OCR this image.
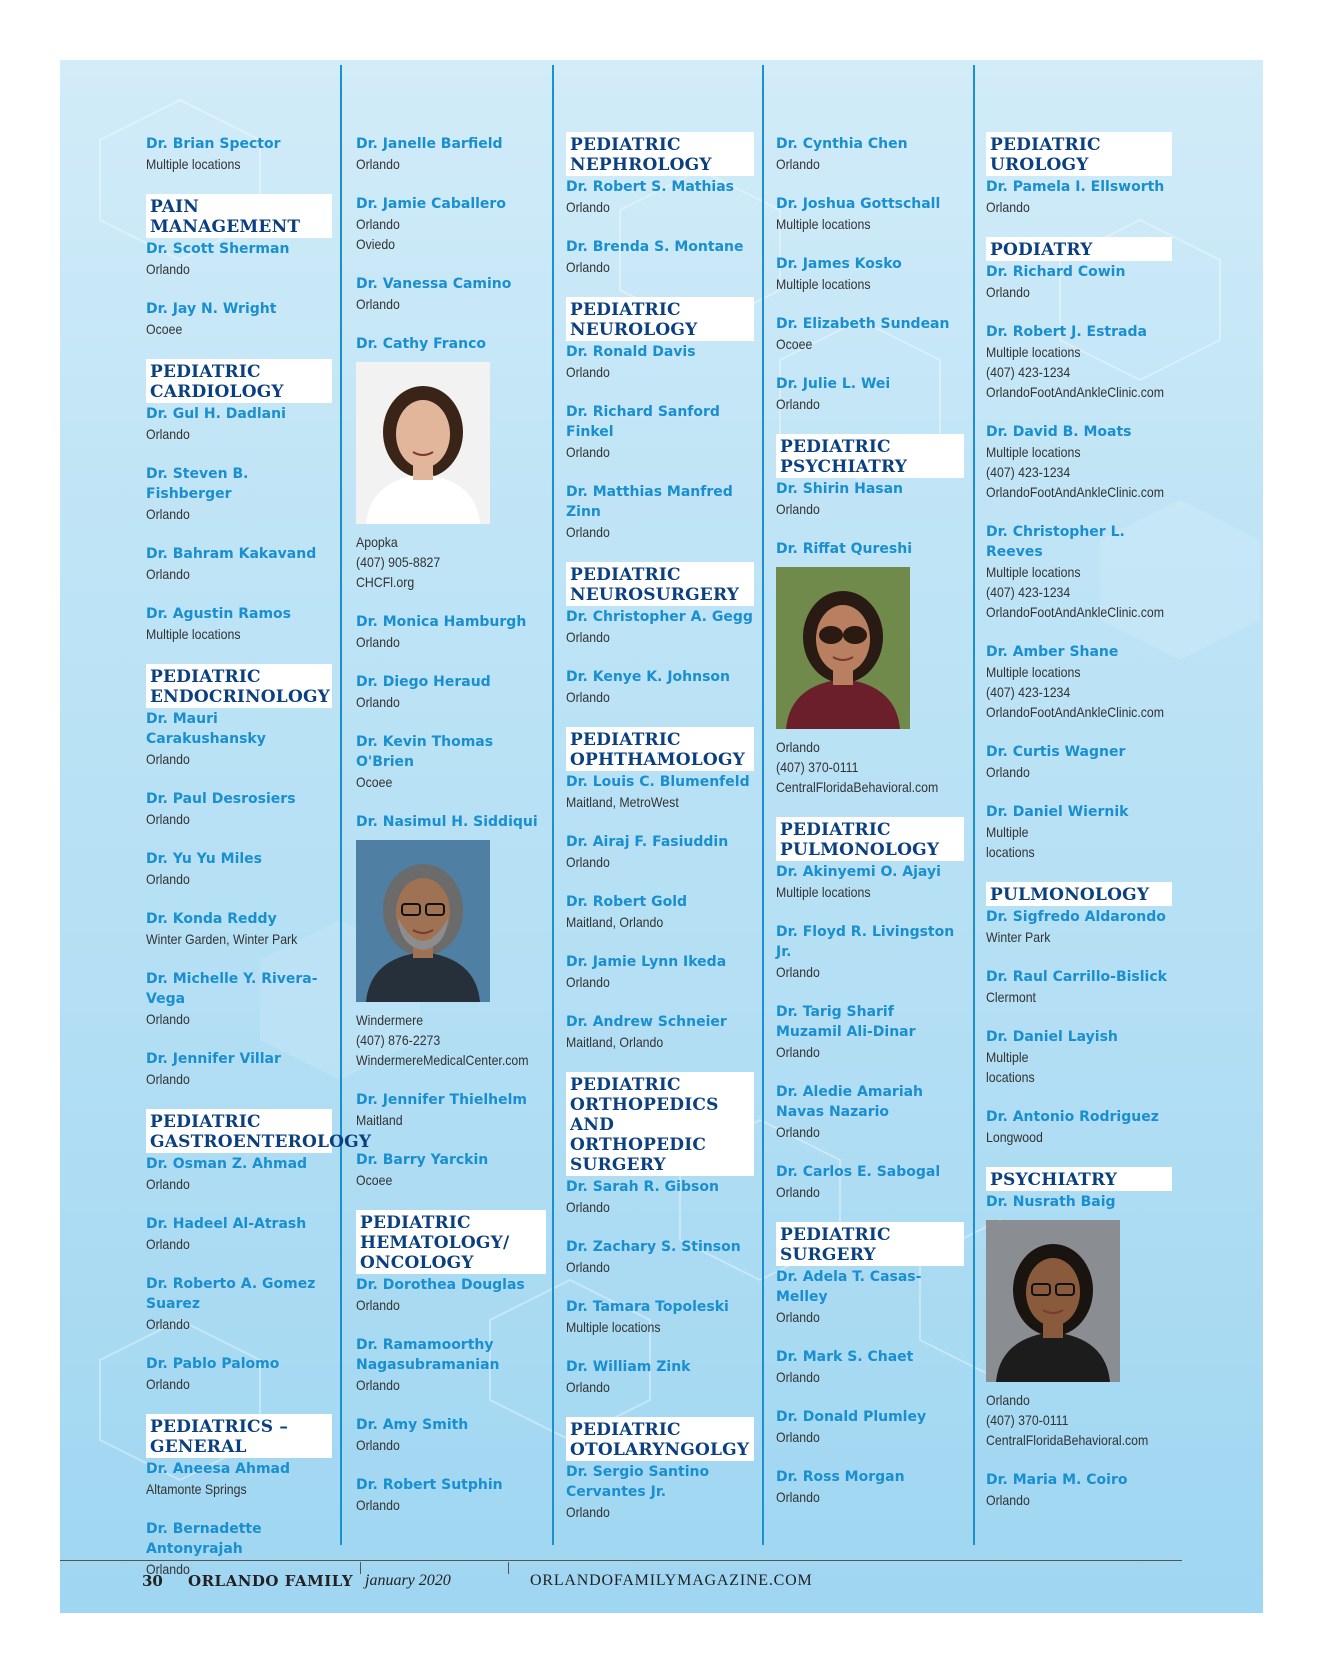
Dr. Brian Spector
Multiple locations
PAIN MANAGEMENT
Dr. Scott Sherman
Orlando
Dr. Jay N. Wright
Ocoee
PEDIATRIC CARDIOLOGY
Dr. Gul H. Dadlani
Orlando
Dr. Steven B. Fishberger
Orlando
Dr. Bahram Kakavand
Orlando
Dr. Agustin Ramos
Multiple locations
PEDIATRIC ENDOCRINOLOGY
Dr. Mauri Carakushansky
Orlando
Dr. Paul Desrosiers
Orlando
Dr. Yu Yu Miles
Orlando
Dr. Konda Reddy
Winter Garden, Winter Park
Dr. Michelle Y. Rivera-Vega
Orlando
Dr. Jennifer Villar
Orlando
PEDIATRIC GASTROENTEROLOGY
Dr. Osman Z. Ahmad
Orlando
Dr. Hadeel Al-Atrash
Orlando
Dr. Roberto A. Gomez Suarez
Orlando
Dr. Pablo Palomo
Orlando
PEDIATRICS – GENERAL
Dr. Aneesa Ahmad
Altamonte Springs
Dr. Bernadette Antonyrajah
Orlando
Dr. Janelle Barfield
Orlando
Dr. Jamie Caballero
Orlando
Oviedo
Dr. Vanessa Camino
Orlando
Dr. Cathy Franco
Apopka
(407) 905-8827
CHCFl.org
Dr. Monica Hamburgh
Orlando
Dr. Diego Heraud
Orlando
Dr. Kevin Thomas O'Brien
Ocoee
Dr. Nasimul H. Siddiqui
Windermere
(407) 876-2273
WindermereMedicalCenter.com
Dr. Jennifer Thielhelm
Maitland
Dr. Barry Yarckin
Ocoee
PEDIATRIC HEMATOLOGY/ ONCOLOGY
Dr. Dorothea Douglas
Orlando
Dr. Ramamoorthy Nagasubramanian
Orlando
Dr. Amy Smith
Orlando
Dr. Robert Sutphin
Orlando
PEDIATRIC NEPHROLOGY
Dr. Robert S. Mathias
Orlando
Dr. Brenda S. Montane
Orlando
PEDIATRIC NEUROLOGY
Dr. Ronald Davis
Orlando
Dr. Richard Sanford Finkel
Orlando
Dr. Matthias Manfred Zinn
Orlando
PEDIATRIC NEUROSURGERY
Dr. Christopher A. Gegg
Orlando
Dr. Kenye K. Johnson
Orlando
PEDIATRIC OPHTHAMOLOGY
Dr. Louis C. Blumenfeld
Maitland, MetroWest
Dr. Airaj F. Fasiuddin
Orlando
Dr. Robert Gold
Maitland, Orlando
Dr. Jamie Lynn Ikeda
Orlando
Dr. Andrew Schneier
Maitland, Orlando
PEDIATRIC ORTHOPEDICS AND ORTHOPEDIC SURGERY
Dr. Sarah R. Gibson
Orlando
Dr. Zachary S. Stinson
Orlando
Dr. Tamara Topoleski
Multiple locations
Dr. William Zink
Orlando
PEDIATRIC OTOLARYNGOLGY
Dr. Sergio Santino Cervantes Jr.
Orlando
Dr. Cynthia Chen
Orlando
Dr. Joshua Gottschall
Multiple locations
Dr. James Kosko
Multiple locations
Dr. Elizabeth Sundean
Ocoee
Dr. Julie L. Wei
Orlando
PEDIATRIC PSYCHIATRY
Dr. Shirin Hasan
Orlando
Dr. Riffat Qureshi
Orlando
(407) 370-0111
CentralFloridaBehavioral.com
PEDIATRIC PULMONOLOGY
Dr. Akinyemi O. Ajayi
Multiple locations
Dr. Floyd R. Livingston Jr.
Orlando
Dr. Tarig Sharif Muzamil Ali-Dinar
Orlando
Dr. Aledie Amariah Navas Nazario
Orlando
Dr. Carlos E. Sabogal
Orlando
PEDIATRIC SURGERY
Dr. Adela T. Casas-Melley
Orlando
Dr. Mark S. Chaet
Orlando
Dr. Donald Plumley
Orlando
Dr. Ross Morgan
Orlando
PEDIATRIC UROLOGY
Dr. Pamela I. Ellsworth
Orlando
PODIATRY
Dr. Richard Cowin
Orlando
Dr. Robert J. Estrada
Multiple locations
(407) 423-1234
OrlandoFootAndAnkleClinic.com
Dr. David B. Moats
Multiple locations
(407) 423-1234
OrlandoFootAndAnkleClinic.com
Dr. Christopher L. Reeves
Multiple locations
(407) 423-1234
OrlandoFootAndAnkleClinic.com
Dr. Amber Shane
Multiple locations
(407) 423-1234
OrlandoFootAndAnkleClinic.com
Dr. Curtis Wagner
Orlando
Dr. Daniel Wiernik
Multiple
locations
PULMONOLOGY
Dr. Sigfredo Aldarondo
Winter Park
Dr. Raul Carrillo-Bislick
Clermont
Dr. Daniel Layish
Multiple
locations
Dr. Antonio Rodriguez
Longwood
PSYCHIATRY
Dr. Nusrath Baig
Orlando
(407) 370-0111
CentralFloridaBehavioral.com
Dr. Maria M. Coiro
Orlando
30 ORLANDO FAMILY january 2020	ORLANDOFAMILYMAGAZINE.COM
